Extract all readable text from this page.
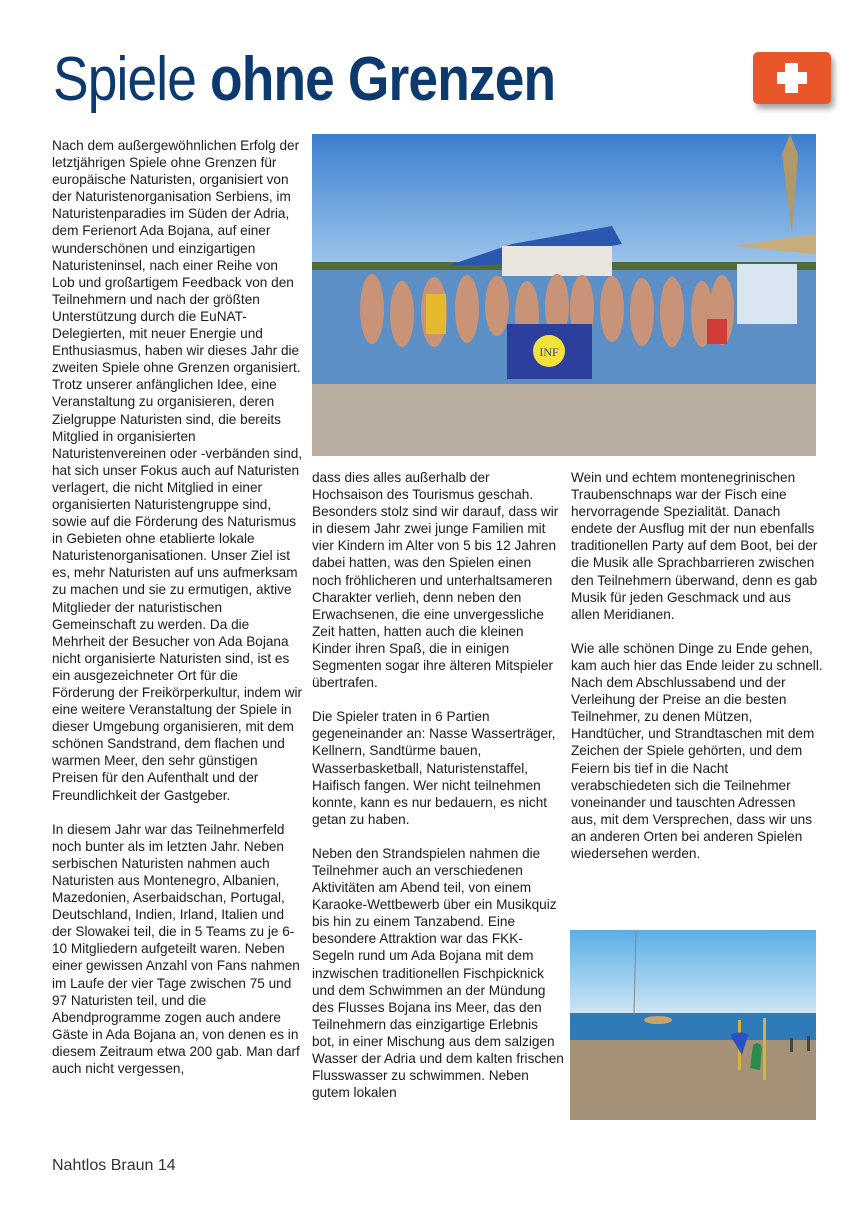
Spiele ohne Grenzen
INF

Nach dem außergewöhnlichen Erfolg der letztjährigen Spiele ohne Grenzen für europäische Naturisten, organisiert von der Naturistenorganisation Serbiens, im Naturistenparadies im Süden der Adria, dem Ferienort Ada Bojana, auf einer wunderschönen und einzigartigen Naturisteninsel, nach einer Reihe von Lob und großartigem Feedback von den Teilnehmern und nach der größten Unterstützung durch die EuNAT-Delegierten, mit neuer Energie und Enthusiasmus, haben wir dieses Jahr die zweiten Spiele ohne Grenzen organisiert. Trotz unserer anfänglichen Idee, eine Veranstaltung zu organisieren, deren Zielgruppe Naturisten sind, die bereits Mitglied in organisierten Naturistenvereinen oder -verbänden sind, hat sich unser Fokus auch auf Naturisten verlagert, die nicht Mitglied in einer organisierten Naturistengruppe sind, sowie auf die Förderung des Naturismus in Gebieten ohne etablierte lokale Naturistenorganisationen. Unser Ziel ist es, mehr Naturisten auf uns aufmerksam zu machen und sie zu ermutigen, aktive Mitglieder der naturistischen Gemeinschaft zu werden. Da die Mehrheit der Besucher von Ada Bojana nicht organisierte Naturisten sind, ist es ein ausgezeichneter Ort für die Förderung der Freikörperkultur, indem wir eine weitere Veranstaltung der Spiele in dieser Umgebung organisieren, mit dem schönen Sandstrand, dem flachen und warmen Meer, den sehr günstigen Preisen für den Aufenthalt und der Freundlichkeit der Gastgeber.

In diesem Jahr war das Teilnehmerfeld noch bunter als im letzten Jahr. Neben serbischen Naturisten nahmen auch Naturisten aus Montenegro, Albanien, Mazedonien, Aserbaidschan, Portugal, Deutschland, Indien, Irland, Italien und der Slowakei teil, die in 5 Teams zu je 6-10 Mitgliedern aufgeteilt waren. Neben einer gewissen Anzahl von Fans nahmen im Laufe der vier Tage zwischen 75 und 97 Naturisten teil, und die Abendprogramme zogen auch andere Gäste in Ada Bojana an, von denen es in diesem Zeitraum etwa 200 gab. Man darf auch nicht vergessen,

dass dies alles außerhalb der Hochsaison des Tourismus geschah. Besonders stolz sind wir darauf, dass wir in diesem Jahr zwei junge Familien mit vier Kindern im Alter von 5 bis 12 Jahren dabei hatten, was den Spielen einen noch fröhlicheren und unterhaltsameren Charakter verlieh, denn neben den Erwachsenen, die eine unvergessliche Zeit hatten, hatten auch die kleinen Kinder ihren Spaß, die in einigen Segmenten sogar ihre älteren Mitspieler übertrafen.

Die Spieler traten in 6 Partien gegeneinander an: Nasse Wasserträger, Kellnern, Sandtürme bauen, Wasserbasketball, Naturistenstaffel, Haifisch fangen. Wer nicht teilnehmen konnte, kann es nur bedauern, es nicht getan zu haben.

Neben den Strandspielen nahmen die Teilnehmer auch an verschiedenen Aktivitäten am Abend teil, von einem Karaoke-Wettbewerb über ein Musikquiz bis hin zu einem Tanzabend. Eine besondere Attraktion war das FKK-Segeln rund um Ada Bojana mit dem inzwischen traditionellen Fischpicknick und dem Schwimmen an der Mündung des Flusses Bojana ins Meer, das den Teilnehmern das einzigartige Erlebnis bot, in einer Mischung aus dem salzigen Wasser der Adria und dem kalten frischen Flusswasser zu schwimmen. Neben gutem lokalen

Wein und echtem montenegrinischen Traubenschnaps war der Fisch eine hervorragende Spezialität. Danach endete der Ausflug mit der nun ebenfalls traditionellen Party auf dem Boot, bei der die Musik alle Sprachbarrieren zwischen den Teilnehmern überwand, denn es gab Musik für jeden Geschmack und aus allen Meridianen.

Wie alle schönen Dinge zu Ende gehen, kam auch hier das Ende leider zu schnell. Nach dem Abschlussabend und der Verleihung der Preise an die besten Teilnehmer, zu denen Mützen, Handtücher, und Strandtaschen mit dem Zeichen der Spiele gehörten, und dem Feiern bis tief in die Nacht verabschiedeten sich die Teilnehmer voneinander und tauschten Adressen aus, mit dem Versprechen, dass wir uns an anderen Orten bei anderen Spielen wiedersehen werden.

Nahtlos Braun 14
